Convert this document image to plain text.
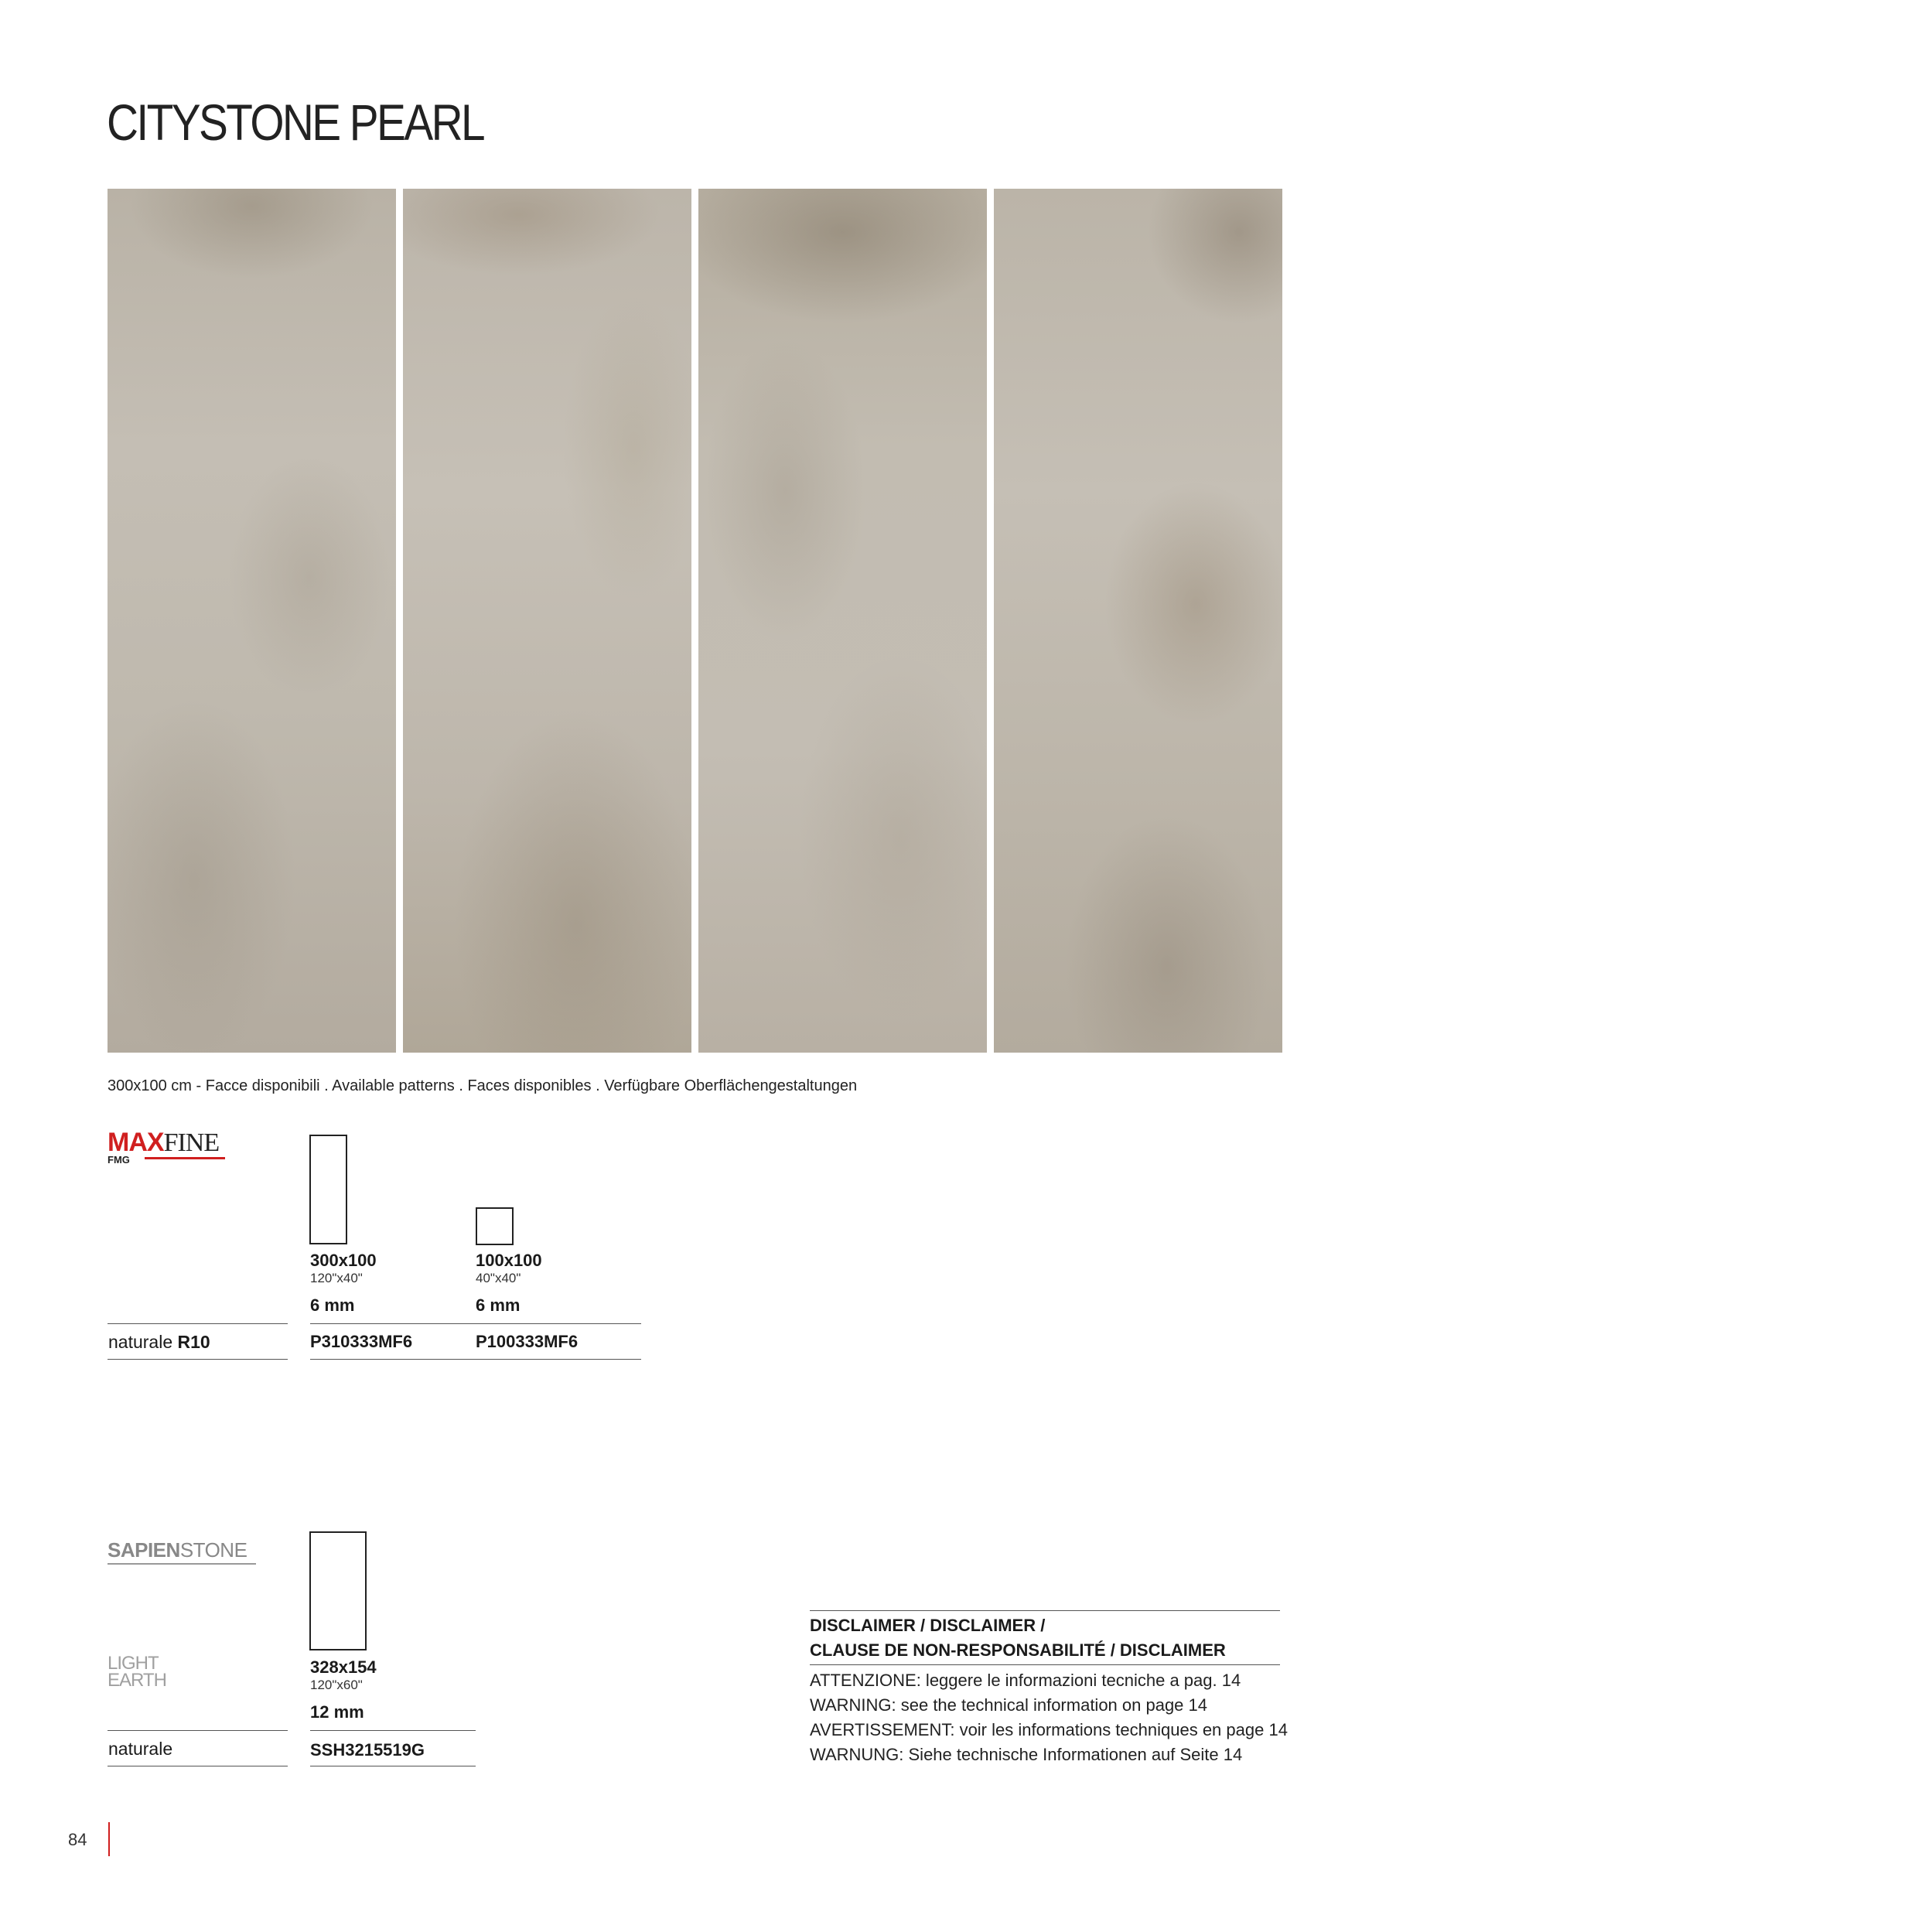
CITYSTONE PEARL
300x100 cm - Facce disponibili . Available patterns . Faces disponibles . Verfügbare Oberflächengestaltungen
MAXFINE
FMG
300x100
120"x40"
6 mm
100x100
40"x40"
6 mm
naturale R10	P310333MF6	P100333MF6
SAPIENSTONE
LIGHT
EARTH
328x154
120"x60"
12 mm
naturale	SSH3215519G
DISCLAIMER / DISCLAIMER /
CLAUSE DE NON-RESPONSABILITÉ / DISCLAIMER
ATTENZIONE: leggere le informazioni tecniche a pag. 14
WARNING: see the technical information on page 14
AVERTISSEMENT: voir les informations techniques en page 14
WARNUNG: Siehe technische Informationen auf Seite 14
84
